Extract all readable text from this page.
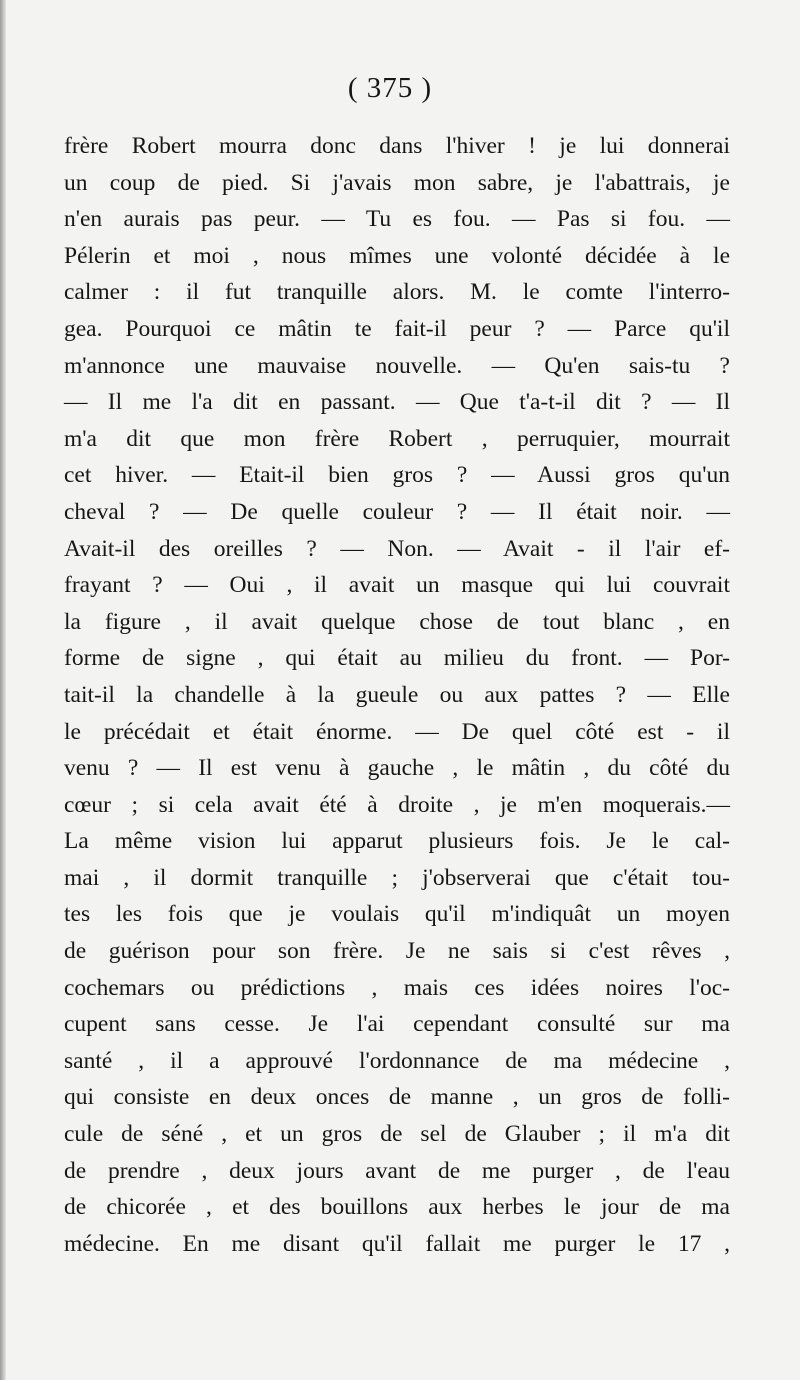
( 375 )
frère Robert mourra donc dans l'hiver ! je lui donnerai
un coup de pied. Si j'avais mon sabre, je l'abattrais, je
n'en aurais pas peur. — Tu es fou. — Pas si fou. —
Pélerin et moi , nous mîmes une volonté décidée à le
calmer : il fut tranquille alors. M. le comte l'interro-
gea. Pourquoi ce mâtin te fait-il peur ? — Parce qu'il
m'annonce une mauvaise nouvelle. — Qu'en sais-tu ?
— Il me l'a dit en passant. — Que t'a-t-il dit ? — Il
m'a dit que mon frère Robert , perruquier, mourrait
cet hiver. — Etait-il bien gros ? — Aussi gros qu'un
cheval ? — De quelle couleur ? — Il était noir. —
Avait-il des oreilles ? — Non. — Avait - il l'air ef-
frayant ? — Oui , il avait un masque qui lui couvrait
la figure , il avait quelque chose de tout blanc , en
forme de signe , qui était au milieu du front. — Por-
tait-il la chandelle à la gueule ou aux pattes ? — Elle
le précédait et était énorme. — De quel côté est - il
venu ? — Il est venu à gauche , le mâtin , du côté du
cœur ; si cela avait été à droite , je m'en moquerais.—
La même vision lui apparut plusieurs fois. Je le cal-
mai , il dormit tranquille ; j'observerai que c'était tou-
tes les fois que je voulais qu'il m'indiquât un moyen
de guérison pour son frère. Je ne sais si c'est rêves ,
cochemars ou prédictions , mais ces idées noires l'oc-
cupent sans cesse. Je l'ai cependant consulté sur ma
santé , il a approuvé l'ordonnance de ma médecine ,
qui consiste en deux onces de manne , un gros de folli-
cule de séné , et un gros de sel de Glauber ; il m'a dit
de prendre , deux jours avant de me purger , de l'eau
de chicorée , et des bouillons aux herbes le jour de ma
médecine. En me disant qu'il fallait me purger le 17 ,
